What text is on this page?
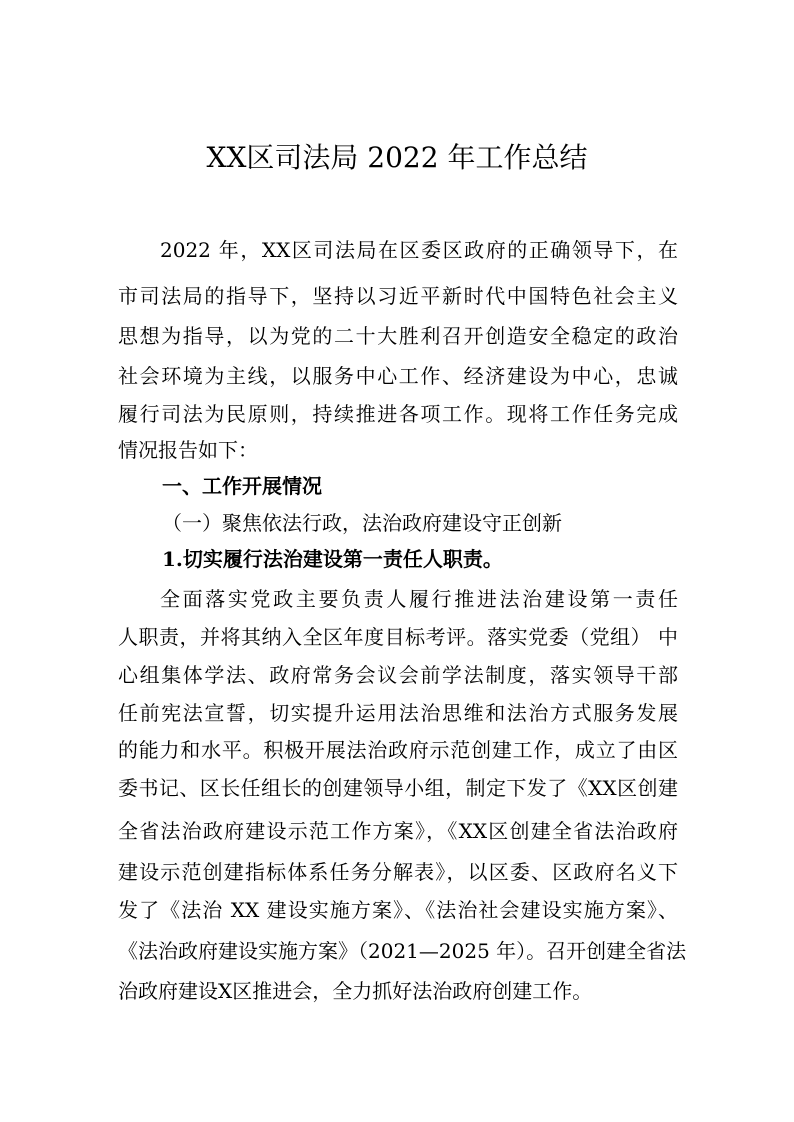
XX区司法局 2022 年工作总结
2022 年，XX区司法局在区委区政府的正确领导下，在
市司法局的指导下，坚持以习近平新时代中国特色社会主义
思想为指导，以为党的二十大胜利召开创造安全稳定的政治
社会环境为主线，以服务中心工作、经济建设为中心，忠诚
履行司法为民原则，持续推进各项工作。现将工作任务完成
情况报告如下：
一、工作开展情况
（一）聚焦依法行政，法治政府建设守正创新
1.切实履行法治建设第一责任人职责。
全面落实党政主要负责人履行推进法治建设第一责任
人职责，并将其纳入全区年度目标考评。落实党委（党组） 中
心组集体学法、政府常务会议会前学法制度，落实领导干部
任前宪法宣誓，切实提升运用法治思维和法治方式服务发展
的能力和水平。积极开展法治政府示范创建工作，成立了由区
委书记、区长任组长的创建领导小组，制定下发了《XX区创建
全省法治政府建设示范工作方案》，《XX区创建全省法治政府
建设示范创建指标体系任务分解表》，以区委、区政府名义下
发了《法治 XX 建设实施方案》、《法治社会建设实施方案》、
《法治政府建设实施方案》（2021—2025 年）。召开创建全省法
治政府建设X区推进会，全力抓好法治政府创建工作。
